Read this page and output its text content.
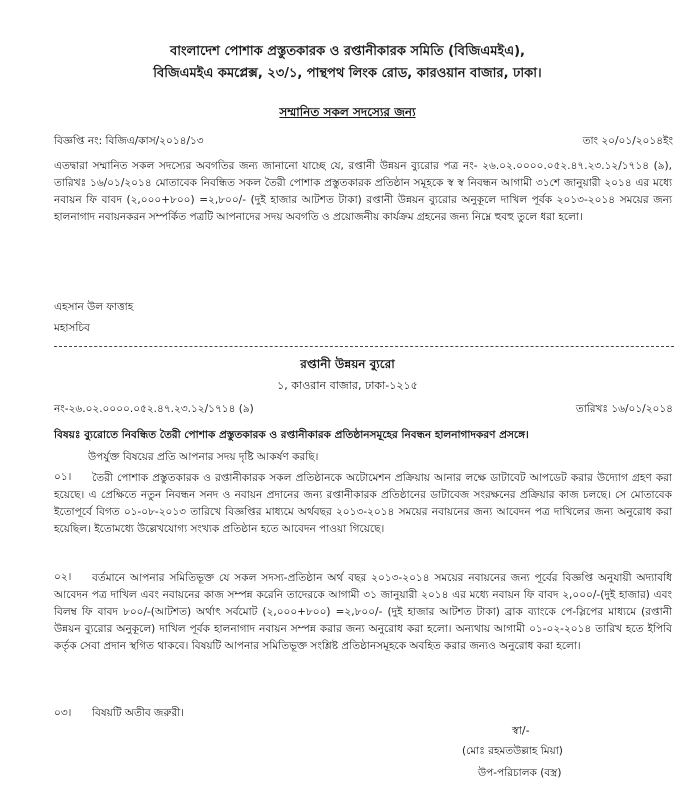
বাংলাদেশ পোশাক প্রস্তুতকারক ও রপ্তানীকারক সমিতি (বিজিএমইএ),
বিজিএমইএ কমপ্লেক্স, ২৩/১, পান্থপথ লিংক রোড, কারওয়ান বাজার, ঢাকা।
সম্মানিত সকল সদস্যের জন্য
বিজ্ঞপ্তি নং: বিজিএ/কাস/২০১৪/১৩	তাং ২০/০১/২০১৪ইং
এতদ্বারা সম্মানিত সকল সদস্যের অবগতির জন্য জানানো যাচ্ছে যে, রপ্তানী উন্নয়ন ব্যুরোর পত্র নং- ২৬.০২.০০০০.০৫২.৪৭.২৩.১২/১৭১৪ (৯), তারিখঃ ১৬/০১/২০১৪ মোতাবেক নিবন্ধিত সকল তৈরী পোশাক প্রস্তুতকারক প্রতিষ্ঠান সমূহকে স্ব স্ব নিবন্ধন আগামী ৩১শে জানুয়ারী ২০১৪ এর মধ্যে নবায়ন ফি বাবদ (২,০০০+৮০০) =২,৮০০/- (দুই হাজার আটশত টাকা) রপ্তানী উন্নয়ন ব্যুরোর অনুকূলে দাখিল পূর্বক ২০১৩-২০১৪ সময়ের জন্য হালনাগাদ নবায়নকরন সম্পর্কিত পত্রটি আপনাদের সদয় অবগতি ও প্রয়োজনীয় কার্যক্রম গ্রহনের জন্য নিম্নে হুবহু তুলে ধরা হলো।
এহসান উল ফাত্তাহ
মহাসচিব
রপ্তানী উন্নয়ন ব্যুরো
১, কাওরান বাজার, ঢাকা-১২১৫
নং-২৬.০২.০০০০.০৫২.৪৭.২৩.১২/১৭১৪ (৯)	তারিখঃ ১৬/০১/২০১৪
বিষয়ঃ ব্যুরোতে নিবন্ধিত তৈরী পোশাক প্রস্তুতকারক ও রপ্তানীকারক প্রতিষ্ঠানসমূহের নিবন্ধন হালনাগাদকরণ প্রসঙ্গে।
উপর্যুক্ত বিষয়ের প্রতি আপনার সদয় দৃষ্টি আকর্ষণ করছি।
০১।	তৈরী পোশাক প্রস্তুতকারক ও রপ্তানীকারক সকল প্রতিষ্ঠানকে অটোমেশন প্রক্রিয়ায় আনার লক্ষে ডাটাবেট আপডেট করার উদ্যোগ গ্রহণ করা হয়েছে। এ প্রেক্ষিতে নতুন নিবন্ধন সনদ ও নবায়ন প্রদানের জন্য রপ্তানীকারক প্রতিষ্ঠানের ডাটাবেজ সংরক্ষনের প্রক্রিয়ার কাজ চলছে। সে মোতাবেক ইতোপূর্বে বিগত ০১-০৮-২০১৩ তারিখে বিজ্ঞপ্তির মাধ্যমে অর্থবছর ২০১৩-২০১৪ সময়ের নবায়নের জন্য আবেদন পত্র দাখিলের জন্য অনুরোধ করা হয়েছিল। ইতোমধ্যে উল্লেখযোগ্য সংখ্যক প্রতিষ্ঠান হতে আবেদন পাওয়া গিয়েছে।
০২।	বর্তমানে আপনার সমিতিভূক্ত যে সকল সদস্য-প্রতিষ্ঠান অর্থ বছর ২০১৩-২০১৪ সময়ের নবায়নের জন্য পূর্বের বিজ্ঞপ্তি অনুযায়ী অদ্যাবধি আবেদন পত্র দাখিল এবং নবায়নের কাজ সম্পন্ন করেনি তাদেরকে আগামী ৩১ জানুয়ারী ২০১৪ এর মধ্যে নবায়ন ফি বাবদ ২,০০০/-(দুই হাজার) এবং বিলম্ব ফি বাবদ ৮০০/-(আটশত) অর্থাৎ সর্বমোট (২,০০০+৮০০) =২,৮০০/- (দুই হাজার আটশত টাকা) ব্রাক ব্যাংকে পে-স্লিপের মাধ্যমে (রপ্তানী উন্নয়ন ব্যুরোর অনুকূলে) দাখিল পূর্বক হালনাগাদ নবায়ন সম্পন্ন করার জন্য অনুরোধ করা হলো। অন্যথায় আগামী ০১-০২-২০১৪ তারিখ হতে ইপিবি কর্তৃক সেবা প্রদান স্থগিত থাকবে। বিষয়টি আপনার সমিতিভূক্ত সংশ্লিষ্ট প্রতিষ্ঠানসমূহকে অবহিত করার জন্যও অনুরোধ করা হলো।
০৩। বিষয়টি অতীব জরুরী।
স্বা/-
(মোঃ রহমতউল্লাহ মিয়া)
উপ-পরিচালক (বস্ত্র)
